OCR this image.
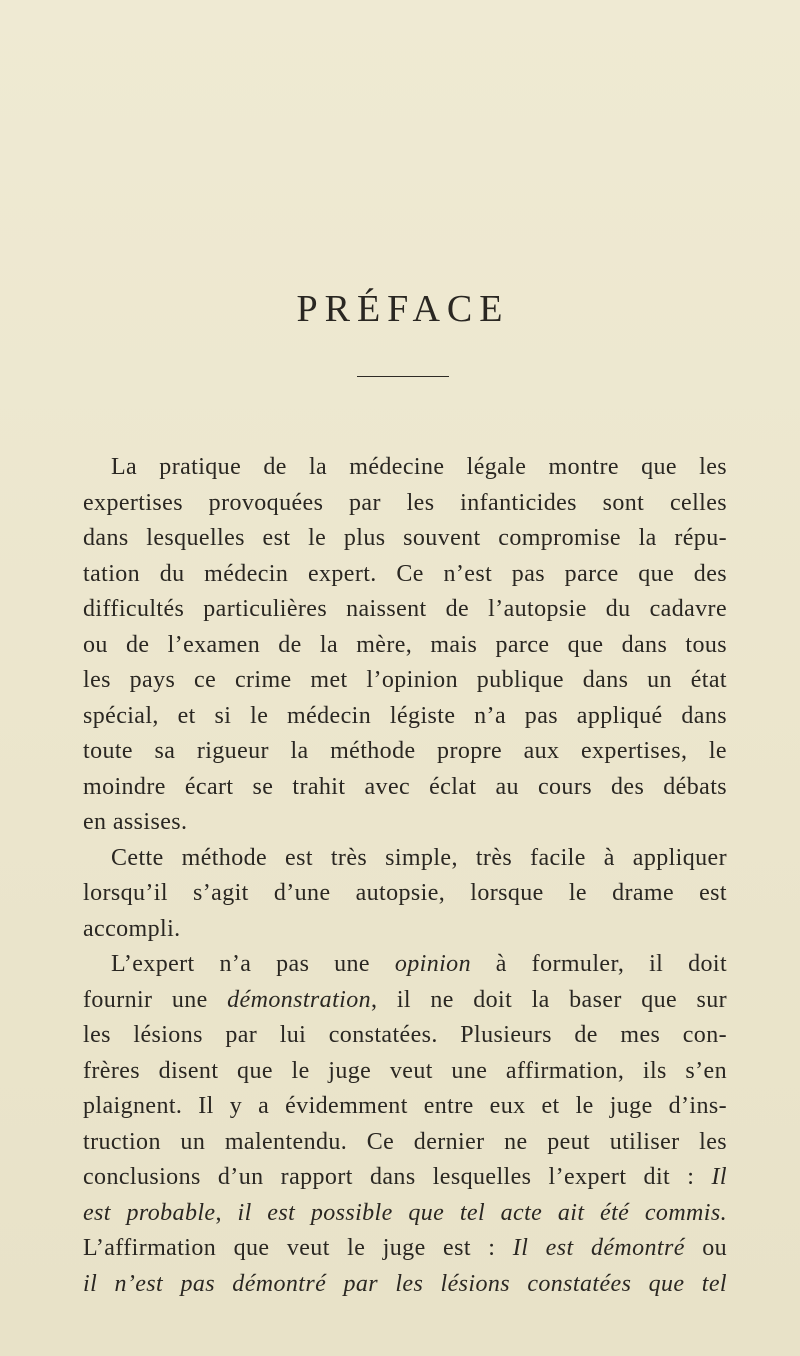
PRÉFACE
La pratique de la médecine légale montre que les
expertises provoquées par les infanticides sont celles
dans lesquelles est le plus souvent compromise la répu-
tation du médecin expert. Ce n’est pas parce que des
difficultés particulières naissent de l’autopsie du cadavre
ou de l’examen de la mère, mais parce que dans tous
les pays ce crime met l’opinion publique dans un état
spécial, et si le médecin légiste n’a pas appliqué dans
toute sa rigueur la méthode propre aux expertises, le
moindre écart se trahit avec éclat au cours des débats
en assises.
Cette méthode est très simple, très facile à appliquer
lorsqu’il s’agit d’une autopsie, lorsque le drame est
accompli.
L’expert n’a pas une opinion à formuler, il doit
fournir une démonstration, il ne doit la baser que sur
les lésions par lui constatées. Plusieurs de mes con-
frères disent que le juge veut une affirmation, ils s’en
plaignent. Il y a évidemment entre eux et le juge d’ins-
truction un malentendu. Ce dernier ne peut utiliser les
conclusions d’un rapport dans lesquelles l’expert dit : Il
est probable, il est possible que tel acte ait été commis.
L’affirmation que veut le juge est : Il est démontré ou
il n’est pas démontré par les lésions constatées que tel
